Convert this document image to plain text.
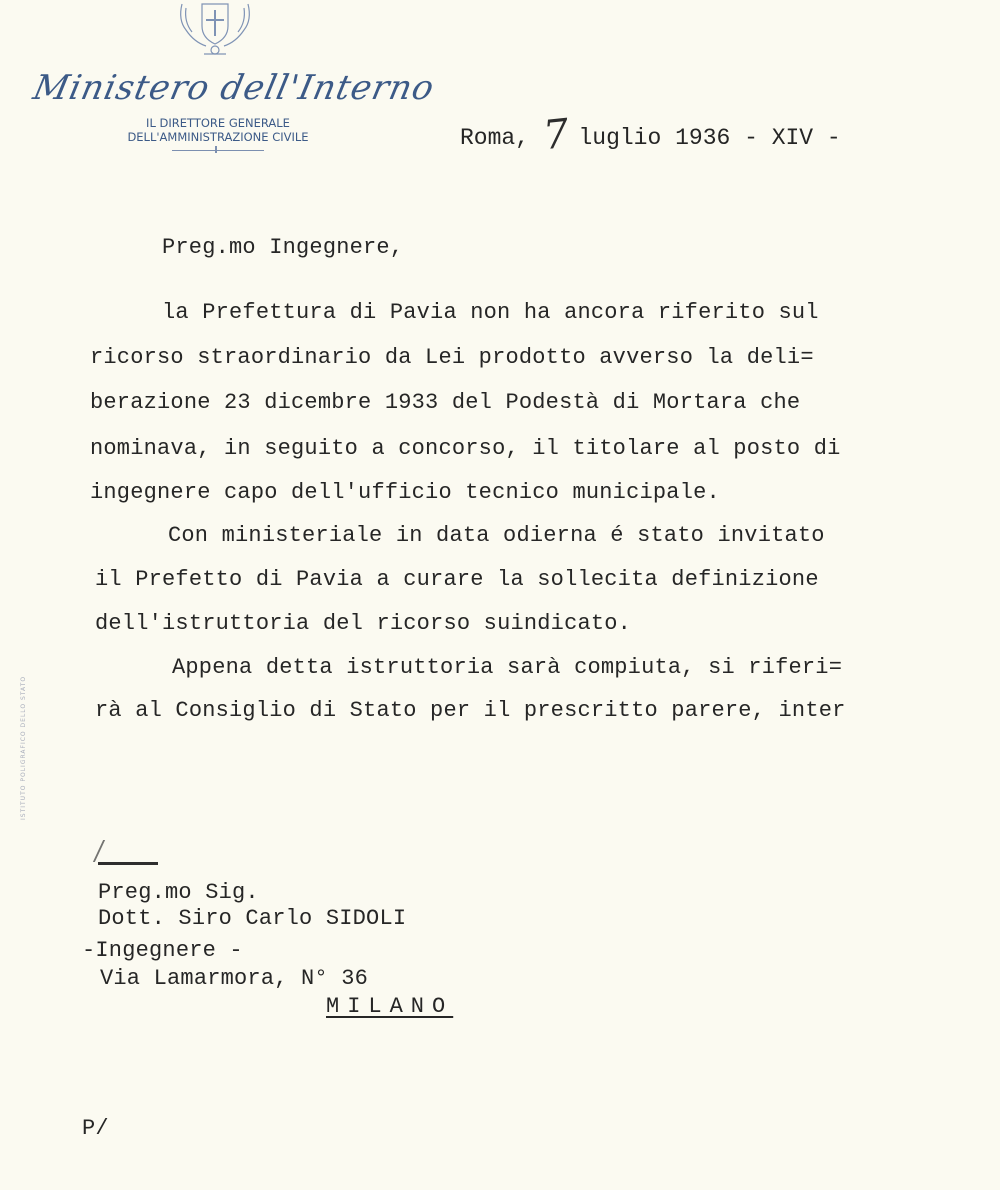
Ministero dell'Interno
IL DIRETTORE GENERALE
DELL'AMMINISTRAZIONE CIVILE	Roma, 7 luglio 1936 - XIV -
Preg.mo Ingegnere,
la Prefettura di Pavia non ha ancora riferito sul
ricorso straordinario da Lei prodotto avverso la deli=
berazione 23 dicembre 1933 del Podestà di Mortara che
nominava, in seguito a concorso, il titolare al posto di
ingegnere capo dell'ufficio tecnico municipale.
Con ministeriale in data odierna é stato invitato
il Prefetto di Pavia a curare la sollecita definizione
dell'istruttoria del ricorso suindicato.
Appena detta istruttoria sarà compiuta, si riferi=
rà al Consiglio di Stato per il prescritto parere, inter
Preg.mo Sig.
Dott. Siro Carlo SIDOLI
-Ingegnere -
Via Lamarmora, N° 36
MILANO
P/
ISTITUTO POLIGRAFICO DELLO STATO
